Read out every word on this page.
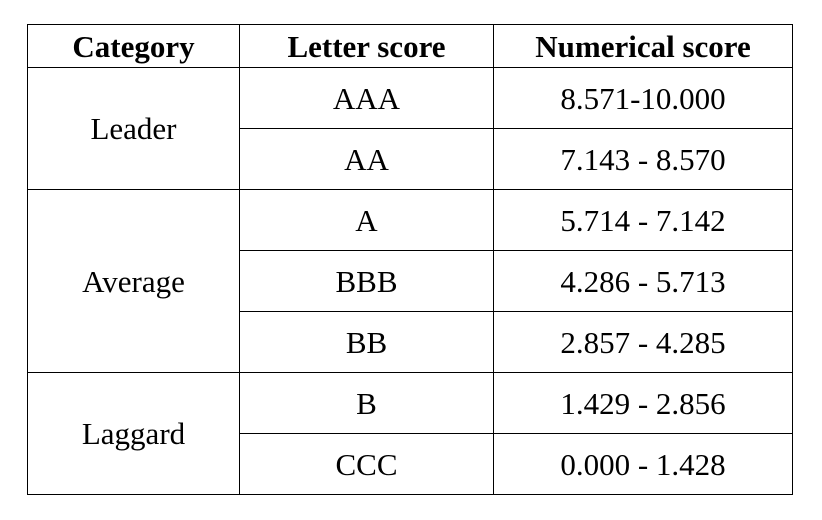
Category	Letter score	Numerical score
Leader	AAA	8.571-10.000
	AA	7.143 - 8.570
Average	A	5.714 - 7.142
	BBB	4.286 - 5.713
	BB	2.857 - 4.285
Laggard	B	1.429 - 2.856
	CCC	0.000 - 1.428
